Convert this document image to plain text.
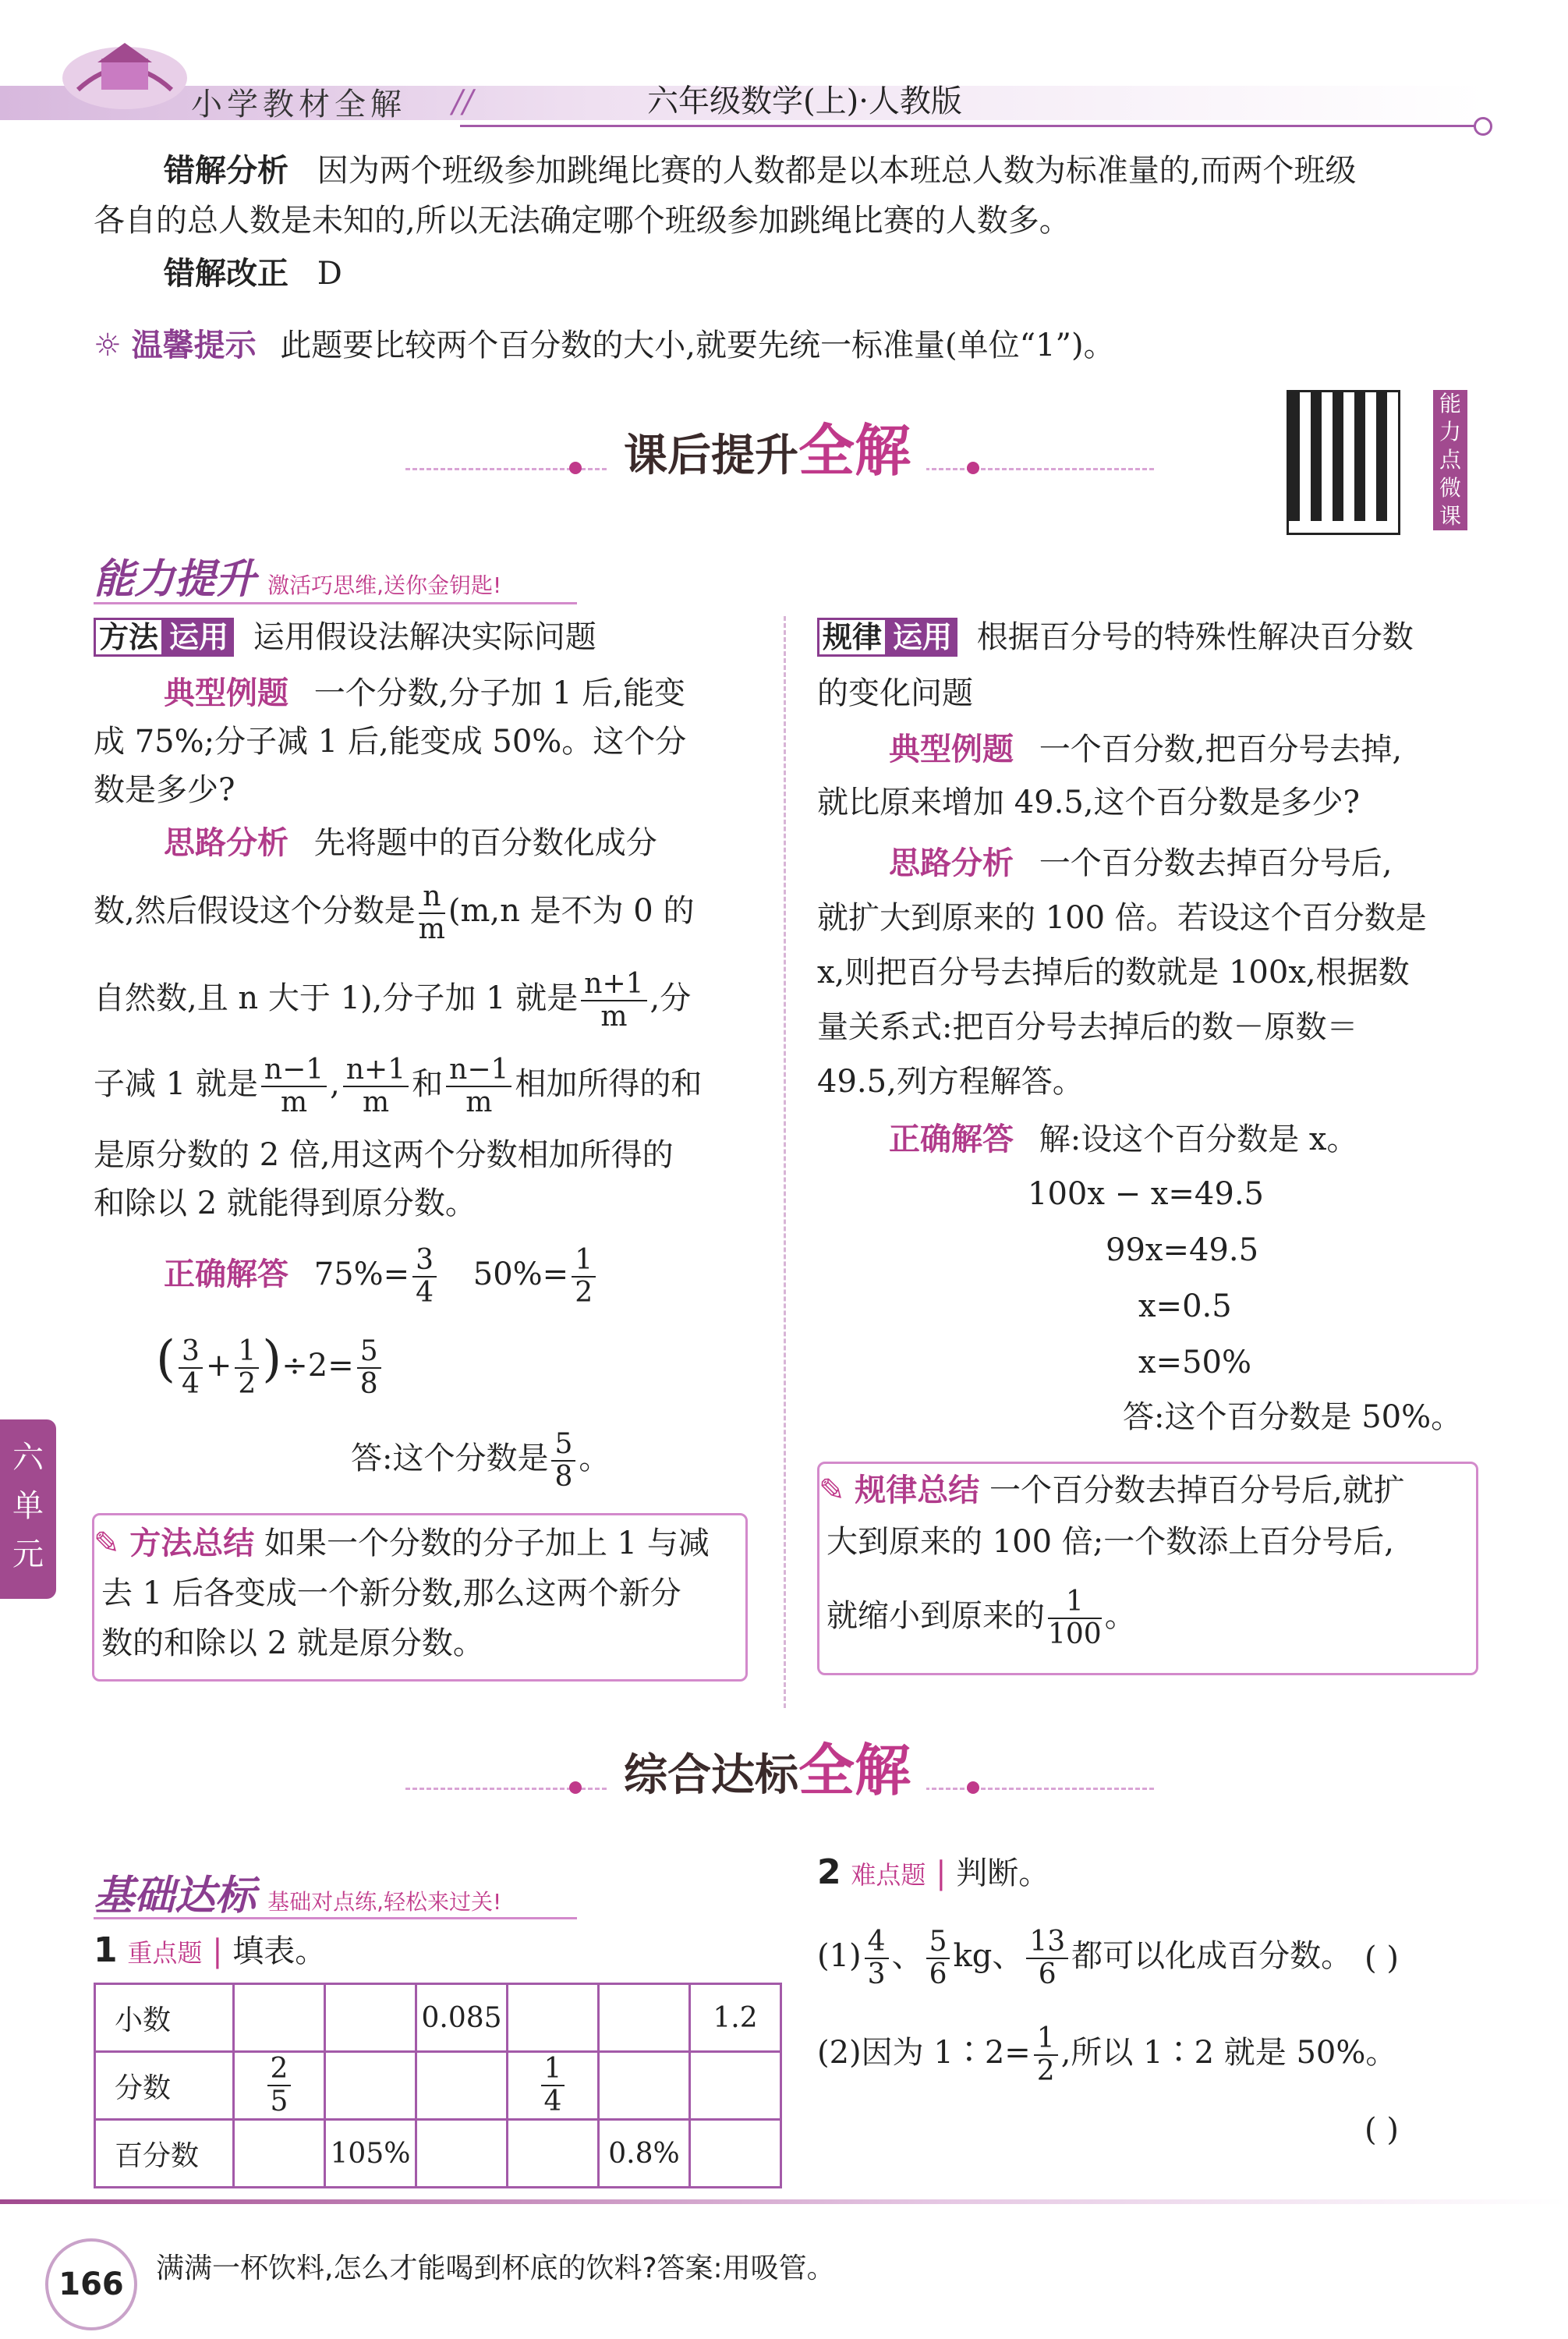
小学教材全解 //	六年级数学(上)·人教版
错解分析 因为两个班级参加跳绳比赛的人数都是以本班总人数为标准量的,而两个班级
各自的总人数是未知的,所以无法确定哪个班级参加跳绳比赛的人数多。
错解改正 D
☼ 温馨提示 此题要比较两个百分数的大小,就要先统一标准量(单位“1”)。
课后提升全解
能
力
点
微
课
能力提升 激活巧思维,送你金钥匙!
方法 运用 运用假设法解决实际问题
典型例题 一个分数,分子加 1 后,能变
成 75%;分子减 1 后,能变成 50%。这个分
数是多少?
思路分析 先将题中的百分数化成分
数,然后假设这个分数是 $\frac{n}{m} (m,n$ 是不为 0 的
自然数,且 n 大于 1),分子加 1 就是 $\frac{n+1}{m}$ ,分
子减 1 就是 $\frac{n-1}{m}$ , $\frac{n+1}{m}$ 和 $\frac{n-1}{m}$ 相加所得的和
是原分数的 2 倍,用这两个分数相加所得的
和除以 2 就能得到原分数。
正确解答 $75\%= \frac{3}{4} 50\%= \frac{1}{2}$
( $\frac{3}{4} + \frac{1}{2} )\div 2= \frac{5}{8}$
答:这个分数是 $\frac{5}{8}$ 。
✎ 方法总结 如果一个分数的分子加上 1 与减
去 1 后各变成一个新分数,那么这两个新分
数的和除以 2 就是原分数。
规律 运用 根据百分号的特殊性解决百分数
的变化问题
典型例题 一个百分数,把百分号去掉,
就比原来增加 49.5,这个百分数是多少?
思路分析 一个百分数去掉百分号后,
就扩大到原来的 100 倍。若设这个百分数是
x,则把百分号去掉后的数就是 100x,根据数
量关系式:把百分号去掉后的数－原数＝
49.5,列方程解答。
正确解答 解:设这个百分数是 x。
100x − x=49.5
99x=49.5
x=0.5
x=50%
答:这个百分数是 50%。
✎ 规律总结 一个百分数去掉百分号后,就扩
大到原来的 100 倍;一个数添上百分号后,
就缩小到原来的 $\frac{1}{100}$ 。
六
单
元
综合达标全解
基础达标 基础对点练,轻松来过关!
1 重点题 | 填表。
小数			0.085			1.2
分数	$\frac{2}{5}$			$\frac{1}{4}$

百分数		105%			0.8%	
2 难点题 | 判断。
$(1) \frac{4}{3}$ 、 $\frac{5}{6}$ kg、 $\frac{13}{6}$ 都可以化成百分数。 ( )
(2)因为 1∶2= $\frac{1}{2}$ ,所以 1∶2 就是 50%。
( )
166	满满一杯饮料,怎么才能喝到杯底的饮料?答案:用吸管。
